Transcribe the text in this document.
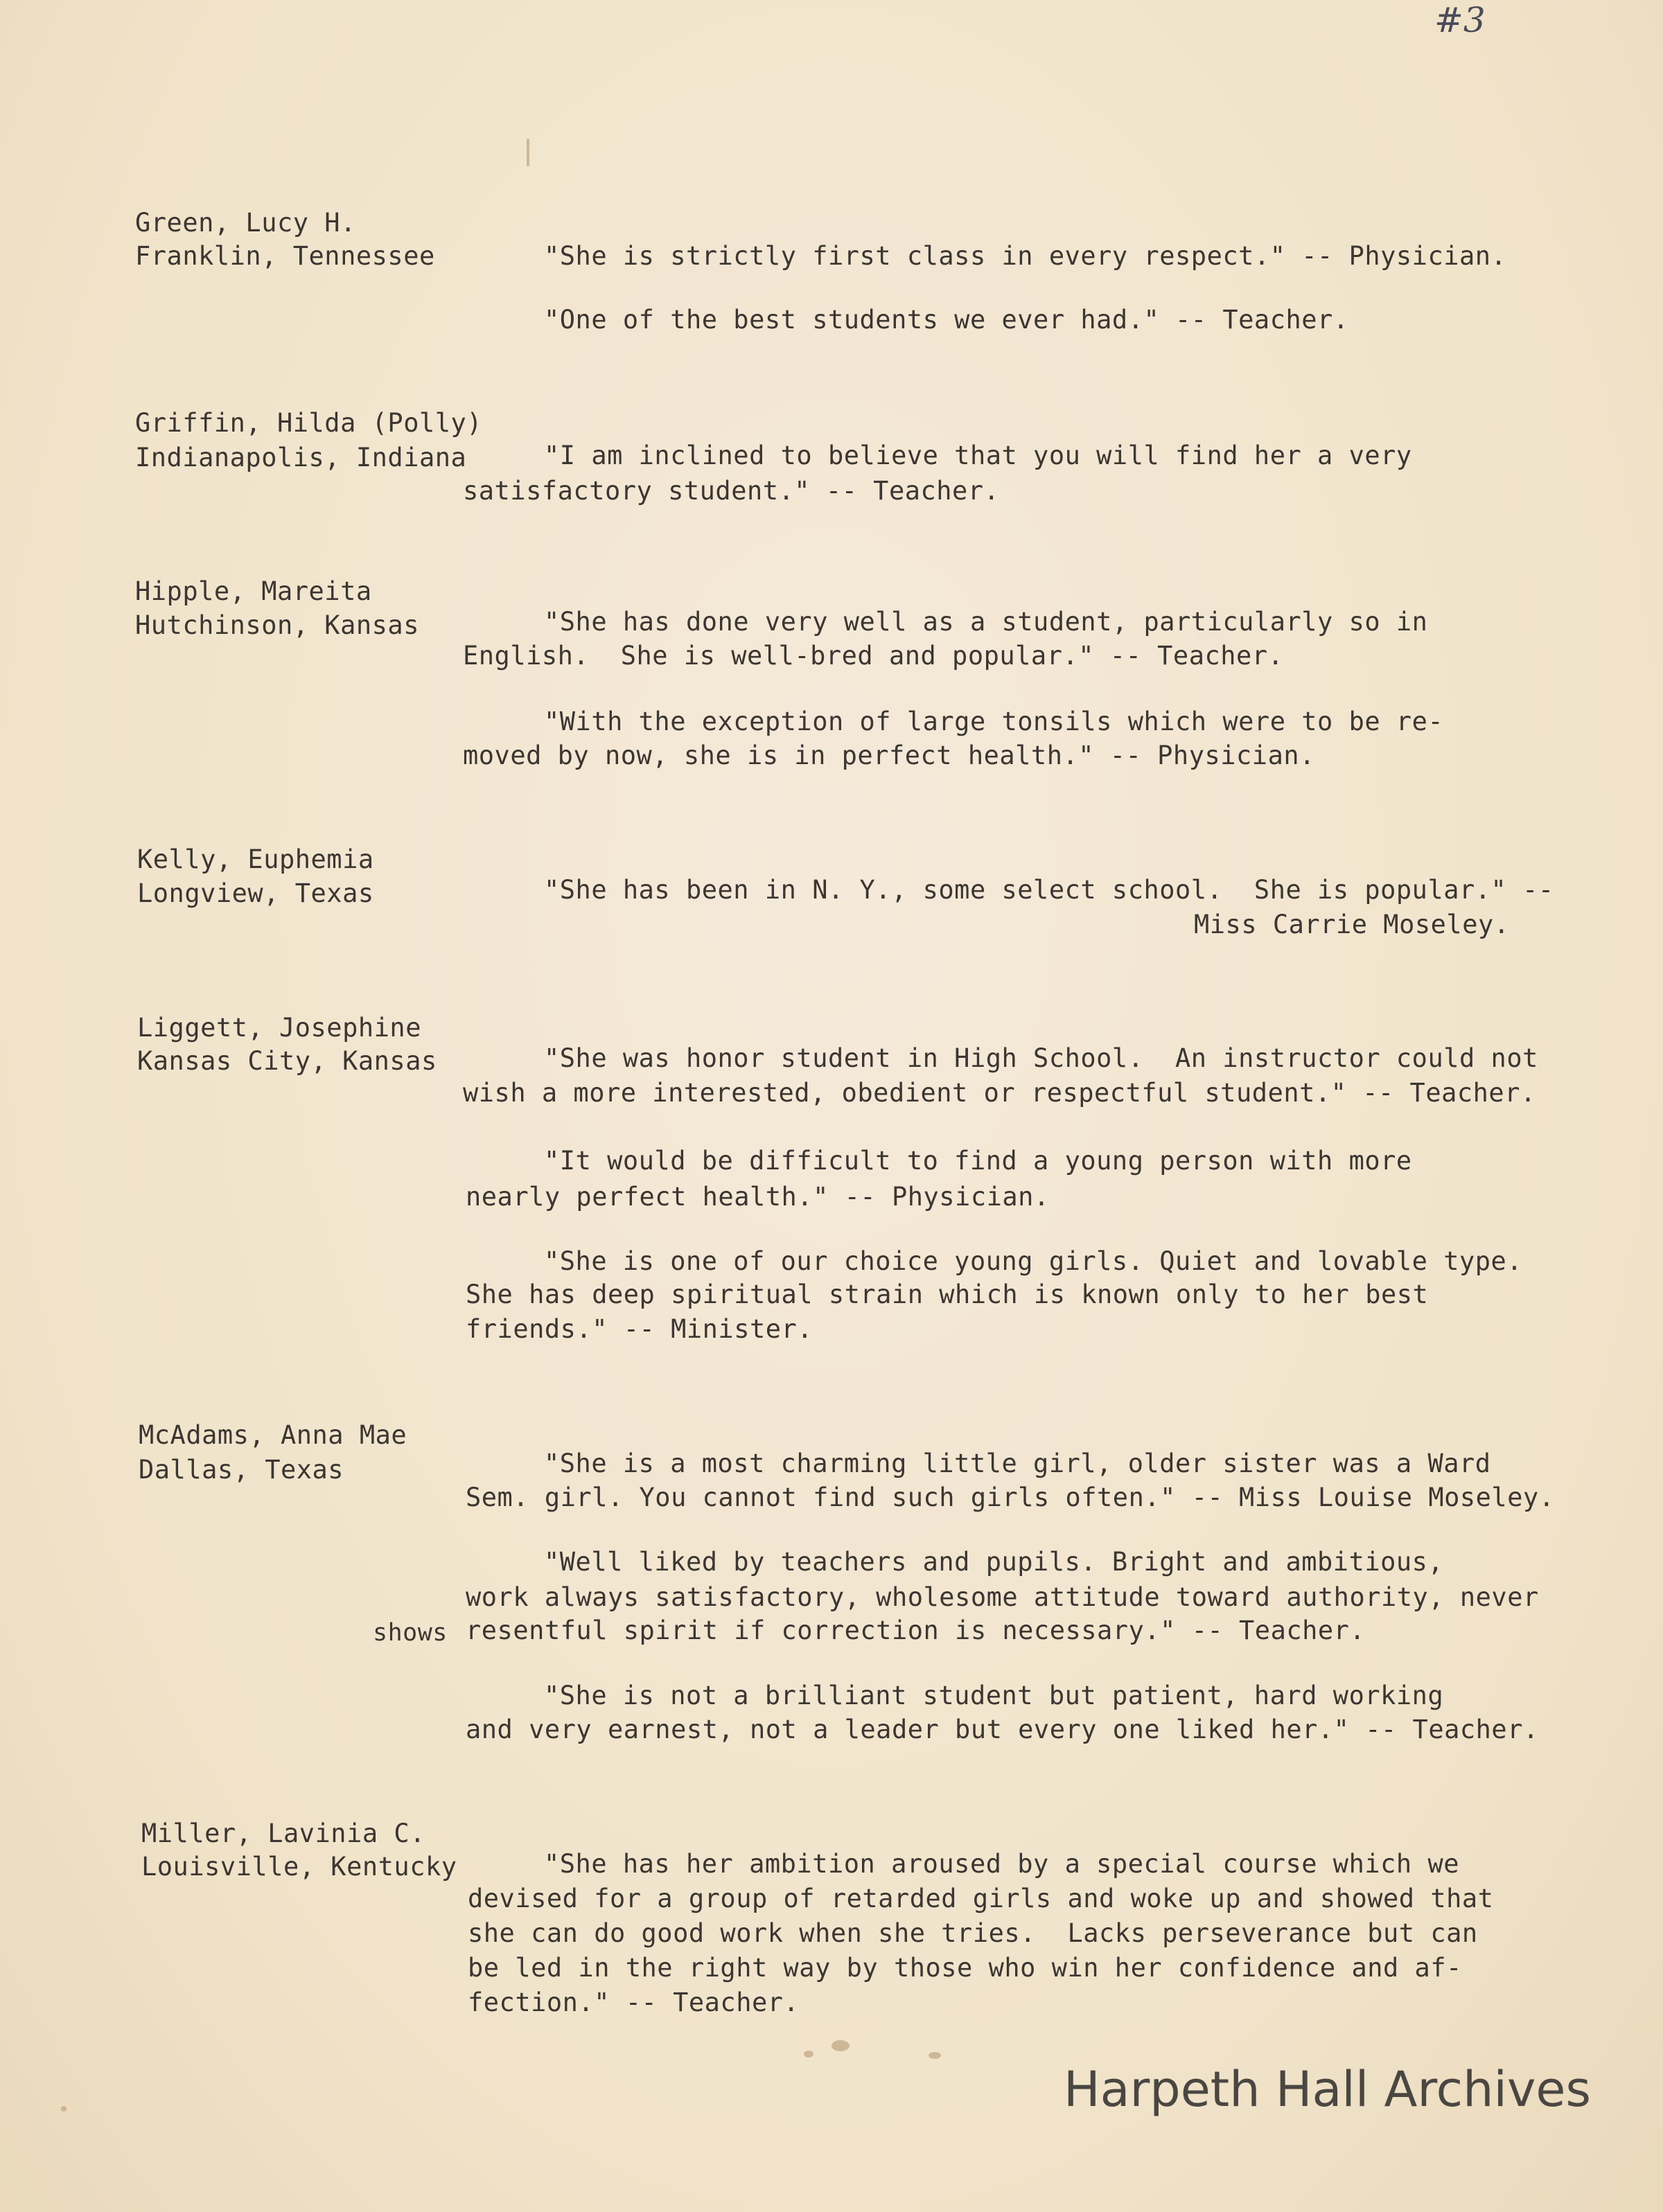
#3
Green, Lucy H.
Franklin, Tennessee	"She is strictly first class in every respect." -- Physician.
"One of the best students we ever had." -- Teacher.
Griffin, Hilda (Polly)
Indianapolis, Indiana	"I am inclined to believe that you will find her a very
satisfactory student." -- Teacher.
Hipple, Mareita
Hutchinson, Kansas	"She has done very well as a student, particularly so in
English.  She is well-bred and popular." -- Teacher.
"With the exception of large tonsils which were to be re-
moved by now, she is in perfect health." -- Physician.
Kelly, Euphemia
Longview, Texas	"She has been in N. Y., some select school.  She is popular." --
Miss Carrie Moseley.
Liggett, Josephine
Kansas City, Kansas	"She was honor student in High School.  An instructor could not
wish a more interested, obedient or respectful student." -- Teacher.
"It would be difficult to find a young person with more
nearly perfect health." -- Physician.
"She is one of our choice young girls. Quiet and lovable type.
She has deep spiritual strain which is known only to her best
friends." -- Minister.
McAdams, Anna Mae
Dallas, Texas	"She is a most charming little girl, older sister was a Ward
Sem. girl. You cannot find such girls often." -- Miss Louise Moseley.
"Well liked by teachers and pupils. Bright and ambitious,
work always satisfactory, wholesome attitude toward authority, never
shows resentful spirit if correction is necessary." -- Teacher.
"She is not a brilliant student but patient, hard working
and very earnest, not a leader but every one liked her." -- Teacher.
Miller, Lavinia C.
Louisville, Kentucky	"She has her ambition aroused by a special course which we
devised for a group of retarded girls and woke up and showed that
she can do good work when she tries.  Lacks perseverance but can
be led in the right way by those who win her confidence and af-
fection." -- Teacher.
Harpeth Hall Archives
